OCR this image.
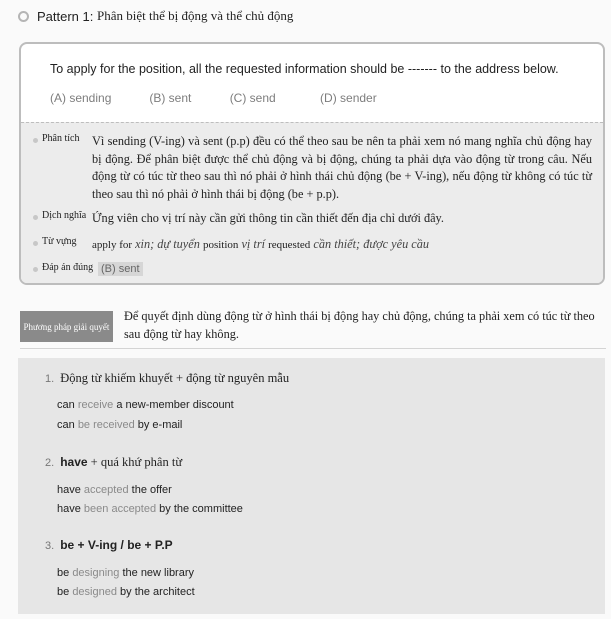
Pattern 1:
Phân biệt thể bị động và thể chủ động
To apply for the position, all the requested information should be ------- to the address below.
(A) sending	(B) sent	(C) send	(D) sender
Phân tích	Vì sending (V-ing) và sent (p.p) đều có thể theo sau be nên ta phải xem nó mang nghĩa chủ động hay bị động. Để phân biệt được thể chủ động và bị động, chúng ta phải dựa vào động từ trong câu. Nếu động từ có túc từ theo sau thì nó phải ở hình thái chủ động (be + V-ing), nếu động từ không có túc từ theo sau thì nó phải ở hình thái bị động (be + p.p).
Dịch nghĩa Ứng viên cho vị trí này cần gửi thông tin cần thiết đến địa chỉ dưới đây.
Từ vựng	apply for xin; dự tuyển position vị trí requested cần thiết; được yêu cầu
Đáp án đúng (B) sent
Phương pháp giải quyết
Để quyết định dùng động từ ở hình thái bị động hay chủ động, chúng ta phải xem có túc từ theo sau động từ hay không.
1. Động từ khiếm khuyết + động từ nguyên mẫu
can receive a new-member discount
can be received by e-mail
2. have + quá khứ phân từ
have accepted the offer
have been accepted by the committee
3. be + V-ing / be + P.P
be designing the new library
be designed by the architect
